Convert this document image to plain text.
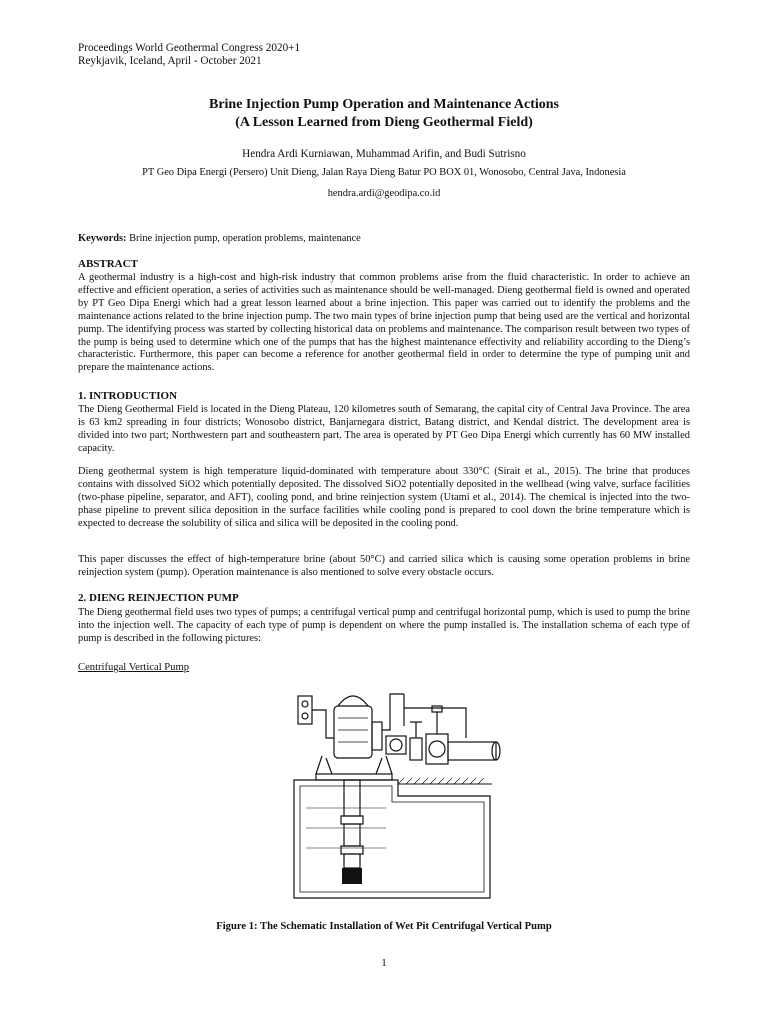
Proceedings World Geothermal Congress 2020+1
Reykjavik, Iceland, April - October 2021
Brine Injection Pump Operation and Maintenance Actions
(A Lesson Learned from Dieng Geothermal Field)
Hendra Ardi Kurniawan, Muhammad Arifin, and Budi Sutrisno
PT Geo Dipa Energi (Persero) Unit Dieng, Jalan Raya Dieng Batur PO BOX 01, Wonosobo, Central Java, Indonesia
hendra.ardi@geodipa.co.id
Keywords: Brine injection pump, operation problems, maintenance
ABSTRACT

A geothermal industry is a high-cost and high-risk industry that common problems arise from the fluid characteristic. In order to achieve an effective and efficient operation, a series of activities such as maintenance should be well-managed. Dieng geothermal field is owned and operated by PT Geo Dipa Energi which had a great lesson learned about a brine injection. This paper was carried out to identify the problems and the maintenance actions related to the brine injection pump. The two main types of brine injection pump that being used are the vertical and horizontal pump. The identifying process was started by collecting historical data on problems and maintenance. The comparison result between two types of the pump is being used to determine which one of the pumps that has the highest maintenance effectivity and reliability according to the Dieng’s characteristic. Furthermore, this paper can become a reference for another geothermal field in order to determine the type of pumping unit and prepare the maintenance actions.

1. INTRODUCTION

The Dieng Geothermal Field is located in the Dieng Plateau, 120 kilometres south of Semarang, the capital city of Central Java Province. The area is 63 km2 spreading in four districts; Wonosobo district, Banjarnegara district, Batang district, and Kendal district. The development area is divided into two part; Northwestern part and southeastern part. The area is operated by PT Geo Dipa Energi which currently has 60 MW installed capacity.

Dieng geothermal system is high temperature liquid-dominated with temperature about 330°C (Sirait et al., 2015). The brine that produces contains with dissolved SiO2 which potentially deposited. The dissolved SiO2 potentially deposited in the wellhead (wing valve, surface facilities (two-phase pipeline, separator, and AFT), cooling pond, and brine reinjection system (Utami et al., 2014). The chemical is injected into the two-phase pipeline to prevent silica deposition in the surface facilities while cooling pond is prepared to cool down the brine temperature which is expected to decrease the solubility of silica and silica will be deposited in the cooling pond.

This paper discusses the effect of high-temperature brine (about 50°C) and carried silica which is causing some operation problems in brine reinjection system (pump). Operation maintenance is also mentioned to solve every obstacle occurs.

2. DIENG REINJECTION PUMP

The Dieng geothermal field uses two types of pumps; a centrifugal vertical pump and centrifugal horizontal pump, which is used to pump the brine into the injection well. The capacity of each type of pump is dependent on where the pump installed is. The installation schema of each type of pump is described in the following pictures:

Centrifugal Vertical Pump
Figure 1: The Schematic Installation of Wet Pit Centrifugal Vertical Pump
1
